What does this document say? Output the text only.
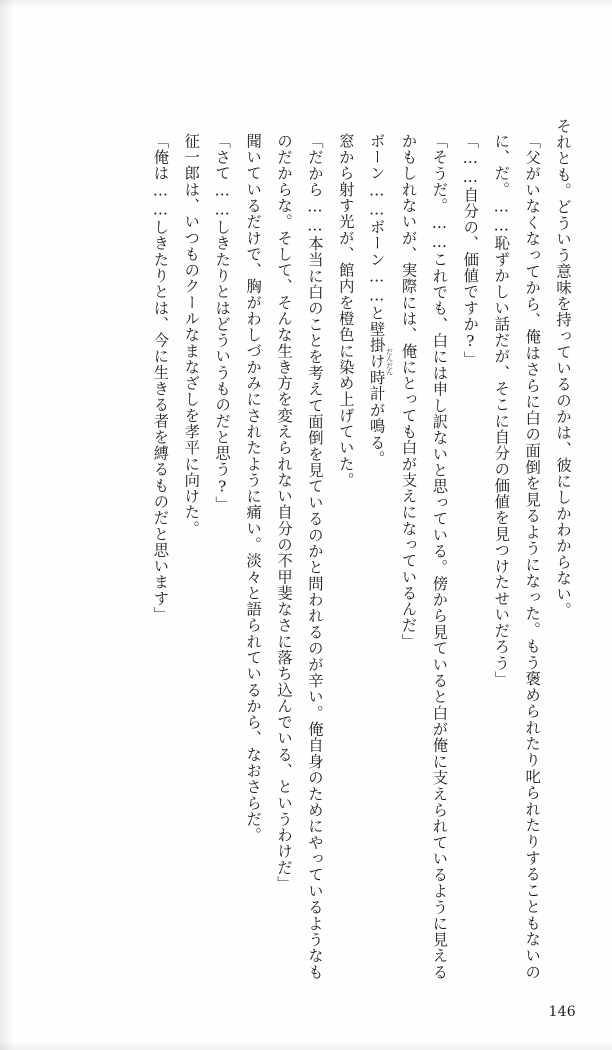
それとも。どういう意味を持っているのかは、彼にしかわからない。

「父がいなくなってから、俺はさらに白の面倒を見るようになった。もう褒められたり叱られたりすることもないのに、だ。……恥ずかしい話だが、そこに自分の価値を見つけたせいだろう」

「……自分の、価値ですか?」

「そうだ。……これでも、白には申し訳ないと思っている。傍から見ていると白が俺に支えられているように見えるかもしれないが、実際には、俺にとっても白が支えになっているんだ」

ボーン……ボーン……と壁掛け時計 だんだんが鳴る。

窓から射す光が、館内を橙色に染め上げていた。

「だから……本当に白のことを考えて面倒を見ているのかと問われるのが辛い。俺自身のためにやっているようなものだからな。そして、そんな生き方を変えられない自分の不甲斐なさに落ち込んでいる、というわけだ」

聞いているだけで、胸がわしづかみにされたように痛い。淡々と語られているから、なおさらだ。

「さて……しきたりとはどういうものだと思う?」

征一郎は、いつものクールなまなざしを孝平に向けた。

「俺は……しきたりとは、今に生きる者を縛るものだと思います」

146
